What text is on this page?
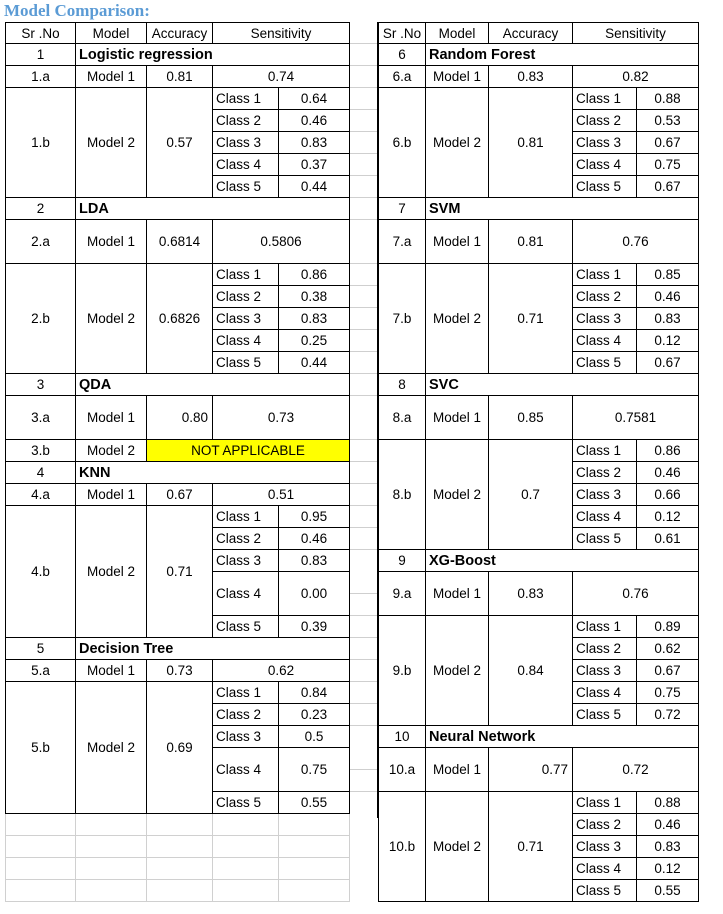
Model Comparison:
Sr .No	Model	Accuracy	Sensitivity	
1	Logistic regression			
1.a	Model 1	0.81	0.74	
1.b	Model 2	0.57	Class 1	0.64
			Class 2	0.46
			Class 3	0.83
			Class 4	0.37
			Class 5	0.44
2	LDA			
2.a	Model 1	0.6814	0.5806	
2.b	Model 2	0.6826	Class 1	0.86
			Class 2	0.38
			Class 3	0.83
			Class 4	0.25
			Class 5	0.44
3	QDA			
3.a	Model 1	0.80	0.73	
3.b	Model 2	NOT APPLICABLE		
4	KNN			
4.a	Model 1	0.67	0.51	
4.b	Model 2	0.71	Class 1	0.95
			Class 2	0.46
			Class 3	0.83
			Class 4	0.00
			Class 5	0.39
5	Decision Tree			
5.a	Model 1	0.73	0.62	
5.b	Model 2	0.69	Class 1	0.84
			Class 2	0.23
			Class 3	0.5
			Class 4	0.75
			Class 5	0.55

Sr .No	Model	Accuracy	Sensitivity	
6	Random Forest			
6.a	Model 1	0.83	0.82	
6.b	Model 2	0.81	Class 1	0.88
			Class 2	0.53
			Class 3	0.67
			Class 4	0.75
			Class 5	0.67
7	SVM			
7.a	Model 1	0.81	0.76	
7.b	Model 2	0.71	Class 1	0.85
			Class 2	0.46
			Class 3	0.83
			Class 4	0.12
			Class 5	0.67
8	SVC			
8.a	Model 1	0.85	0.7581	
8.b	Model 2	0.7	Class 1	0.86
			Class 2	0.46
			Class 3	0.66
			Class 4	0.12
			Class 5	0.61
9	XG-Boost			
9.a	Model 1	0.83	0.76	
9.b	Model 2	0.84	Class 1	0.89
			Class 2	0.62
			Class 3	0.67
			Class 4	0.75
			Class 5	0.72
10	Neural Network			
10.a	Model 1	0.77	0.72	
10.b	Model 2	0.71	Class 1	0.88
			Class 2	0.46
			Class 3	0.83
			Class 4	0.12
			Class 5	0.55
